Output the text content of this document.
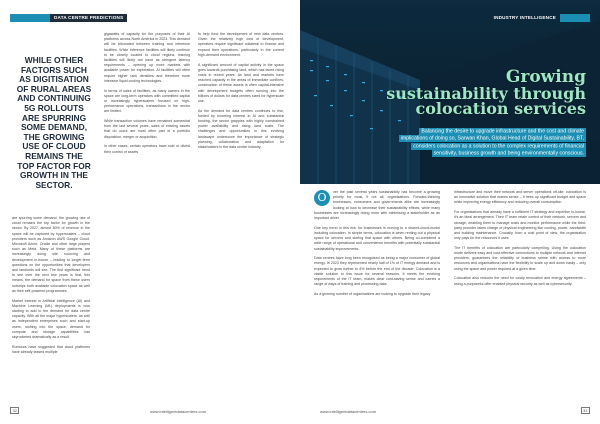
DATA CENTRE PREDICTIONS
WHILE OTHER FACTORS SUCH AS DIGITISATION OF RURAL AREAS AND CONTINUING 5G ROLLOUTS ARE SPURRING SOME DEMAND, THE GROWING USE OF CLOUD REMAINS THE TOP FACTOR FOR GROWTH IN THE SECTOR.

are spurring some demand, the growing use of cloud remains the top factor for growth in the sector. By 2027, almost 50% of revenue in the space will be captured by hyperscalers – cloud providers such as Amazon AWS Google Cloud, Microsoft Azure, Oracle and other large players such as Meta. Many of these platforms are increasingly doing site sourcing and development in-house – leading to longer-term questions on the opportunities that developers and landlords will see. The first significant trend to see over the next few years is that, this means, the demand for space from these users outstrips both available colocation space as well as their self-powered programmes.

Market interest in Artificial Intelligence (AI) and Machine Learning (ML) deployments is now starting to add to the demand for data centre capacity. With all the major hyperscalers, as well as independent enterprises such and start-up users, rushing into the space, demand for compute and storage capabilities has skyrocketed dramatically as a result.

Rumours have suggested that cloud platforms have already leased multiple

gigawatts of capacity for the purposes of their AI platforms across North America in 2023. This demand will be bifurcated between training and inference facilities. While inference facilities will likely continue to be closely located to cloud regions, training facilities will likely not have as stringent latency requirements – opening up more markets with available power for exploration. AI facilities will often require higher rack densities and therefore more intensive liquid cooling technologies.

In terms of sales of facilities, as many owners in the space are long-term operators with committed capital or increasingly hyperscalers focused on high-performance operations, transactions in the sector are limited.

While transaction volumes have remained somewhat from the last several years, sales of existing assets that do occur are most often part of a portfolio disposition, merger or acquisition.

In other cases, certain operators have sold or divest their control of assets

to help fund the development of new data centres. Given the relatively high cost of development, operators require significant collateral to finance and expand their operations, particularly in the current high-demand environment.

A significant amount of capital activity in the space goes towards purchasing land, which has faced rising costs in recent years. As land and markets have reached capacity in the areas of immediate confines, construction of these assets is often capital-intensive with development budgets often running into the billions of dollars for data centres sized for hyperscale use.

As the demand for data centres continues to rise, fuelled by booming interest in AI and substantial funding, the sector grapples with highly constrained power availability and rising land costs. The challenges and opportunities in this evolving landscape underscore the importance of strategic planning, collaboration and adaptation for stakeholders in the data centre industry.

32	www.intelligentdatacentres.com
INDUSTRY INTELLIGENCE
Growing
sustainability through
colocation services
Balancing the desire to upgrade infrastructure and the cost and climate implications of doing so, Sarwan Khan, Global Head of Digital Sustainability, BT, considers colocation as a solution to the complex requirements of financial sensitivity, business growth and being environmentally conscious.
O	ver the past several years sustainability has become a growing priority for most, if not all, organisations. Forward-thinking businesses, consumers and governments alike are increasingly looking at how to decrease their sustainability effects, while many businesses are increasingly doing more with minimising a stakeholder as an important driver.

One key trend in this era: for businesses is moving to a shared-cloud-model including colocation. In simple terms, colocation is when renting out a physical space for servers and storing that space with others. Being co-combined a wide range of operational and convenience benefits with potentially substantial sustainability improvements.

Data centres have long been recognised as being a major consumer of global energy. In 2023 they represented nearly half of 1% of IT energy demand and is expected to grow further to 8% before the end of the decade. Colocation is a viable solution to this issue for several reasons. It meets the evolving requirements of the IT team, makes clear cost-saving sense and carries a range of ways of training and processing data.

As a growing number of organisations are looking to upgrade their legacy

infrastructure and move their network and server operations off-site, colocation is an innovative solution that makes sense – it frees up significant budget and space while improving energy efficiency and reducing overall consumption.

For organisations that already have a sufficient IT strategy and expertise in-house, it's an ideal arrangement. Their IT team retain control of their network, servers and storage, enabling them to manage costs and monitor performance while the third-party provider takes charge of physical engineering like cooling, power, bandwidth and building maintenance. Crucially, from a cost point of view, the organisation only pays for the resources it uses.

The IT benefits of colocation are particularly compelling. Using the colocation mode delivers easy and cost-effective connections to multiple network and internet providers, guarantees the reliability of business sense with access to more resources and organisations have the flexibility to scale up and down easily – only using the space and power required at a given time.

Colocation also reduces the need for costly renovation and energy agreements – using a purposeful offer enabled physical security as well as cybersecurity.

www.intelligentdatacentres.com	33
